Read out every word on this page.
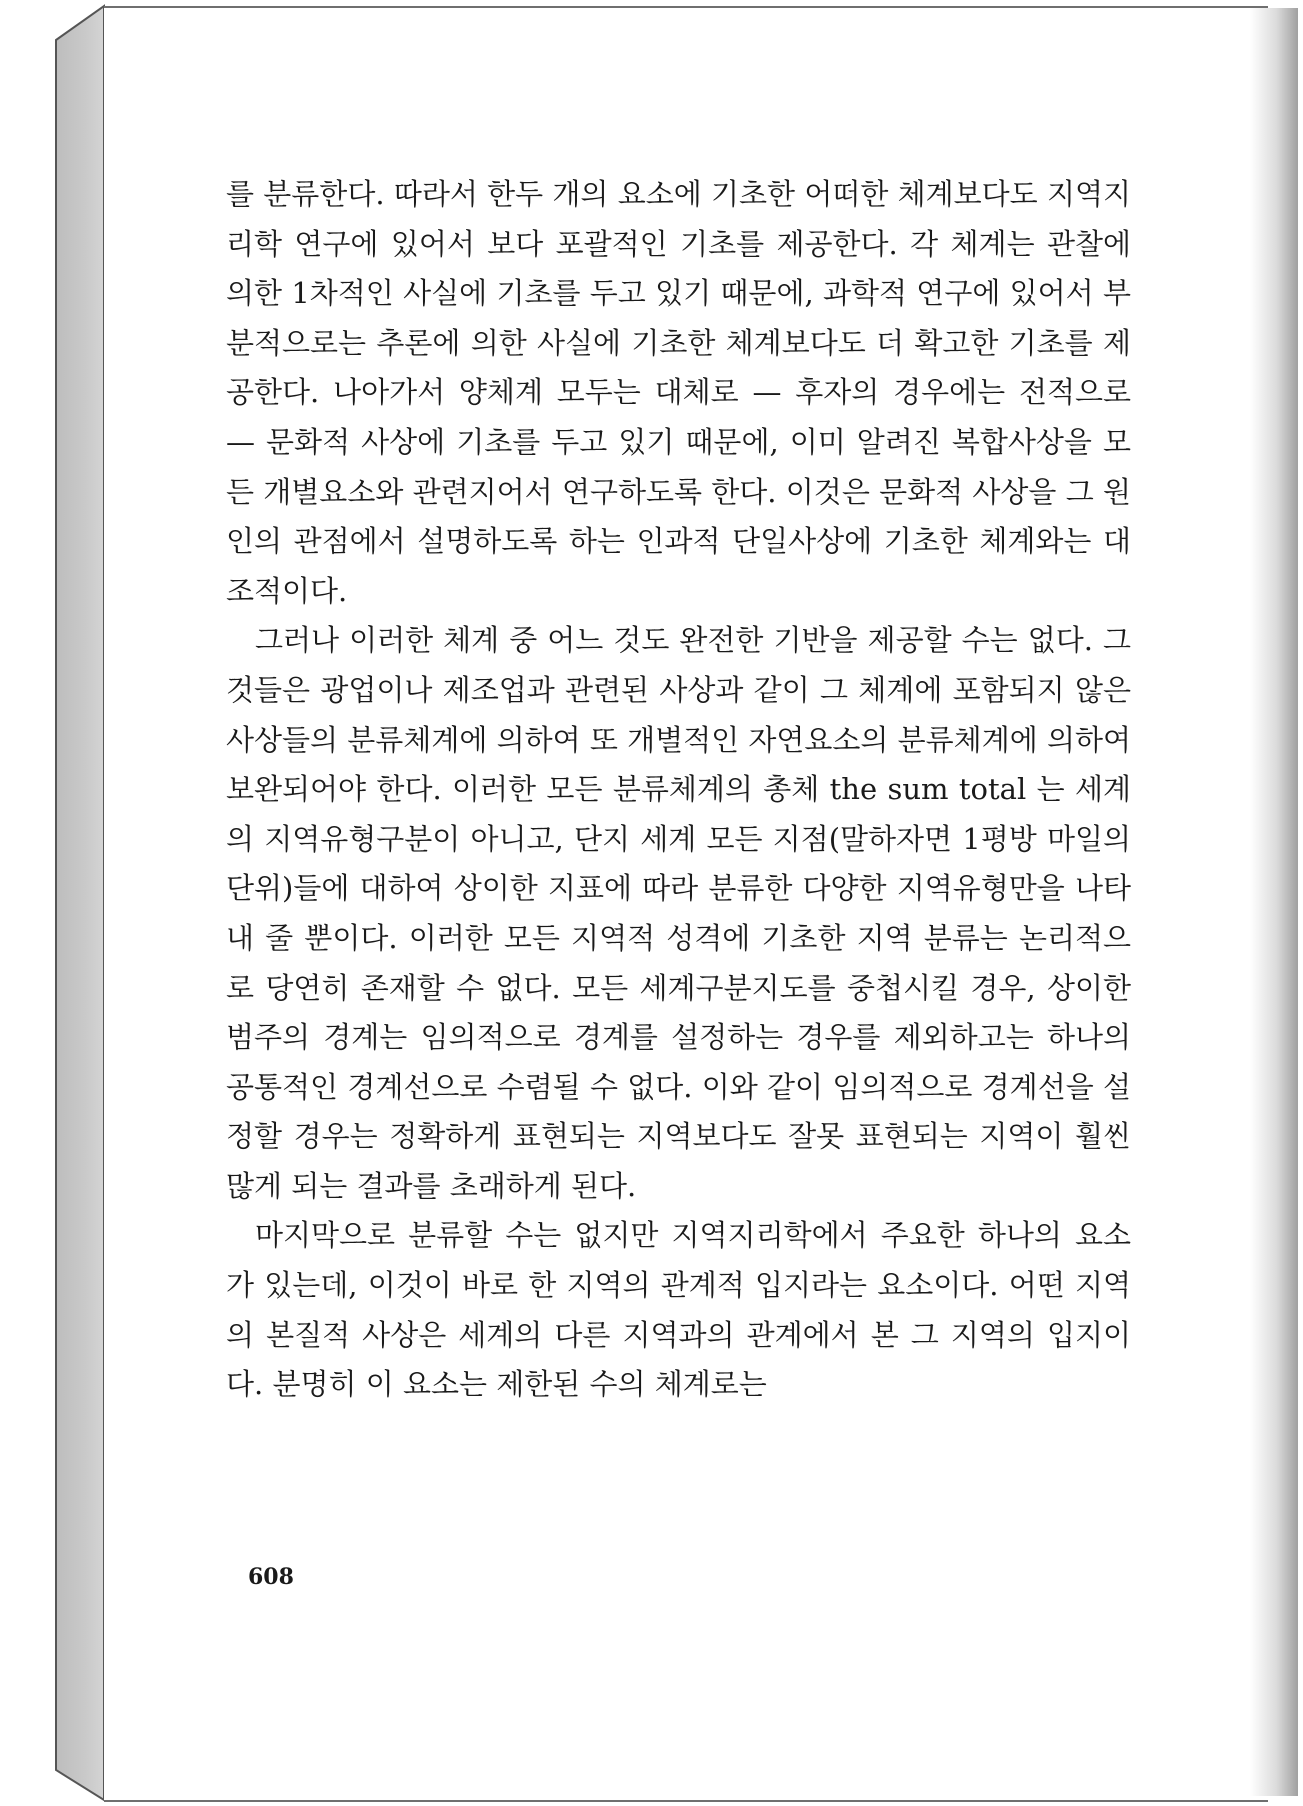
를 분류한다. 따라서 한두 개의 요소에 기초한 어떠한 체계보다도 지역지리학 연구에 있어서 보다 포괄적인 기초를 제공한다. 각 체계는 관찰에 의한 1차적인 사실에 기초를 두고 있기 때문에, 과학적 연구에 있어서 부분적으로는 추론에 의한 사실에 기초한 체계보다도 더 확고한 기초를 제공한다. 나아가서 양체계 모두는 대체로 — 후자의 경우에는 전적으로 — 문화적 사상에 기초를 두고 있기 때문에, 이미 알려진 복합사상을 모든 개별요소와 관련지어서 연구하도록 한다. 이것은 문화적 사상을 그 원인의 관점에서 설명하도록 하는 인과적 단일사상에 기초한 체계와는 대조적이다.

그러나 이러한 체계 중 어느 것도 완전한 기반을 제공할 수는 없다. 그것들은 광업이나 제조업과 관련된 사상과 같이 그 체계에 포함되지 않은 사상들의 분류체계에 의하여 또 개별적인 자연요소의 분류체계에 의하여 보완되어야 한다. 이러한 모든 분류체계의 총체 the sum total 는 세계의 지역유형구분이 아니고, 단지 세계 모든 지점(말하자면 1평방 마일의 단위)들에 대하여 상이한 지표에 따라 분류한 다양한 지역유형만을 나타내 줄 뿐이다. 이러한 모든 지역적 성격에 기초한 지역 분류는 논리적으로 당연히 존재할 수 없다. 모든 세계구분지도를 중첩시킬 경우, 상이한 범주의 경계는 임의적으로 경계를 설정하는 경우를 제외하고는 하나의 공통적인 경계선으로 수렴될 수 없다. 이와 같이 임의적으로 경계선을 설정할 경우는 정확하게 표현되는 지역보다도 잘못 표현되는 지역이 훨씬 많게 되는 결과를 초래하게 된다.

마지막으로 분류할 수는 없지만 지역지리학에서 주요한 하나의 요소가 있는데, 이것이 바로 한 지역의 관계적 입지라는 요소이다. 어떤 지역의 본질적 사상은 세계의 다른 지역과의 관계에서 본 그 지역의 입지이다. 분명히 이 요소는 제한된 수의 체계로는

608
